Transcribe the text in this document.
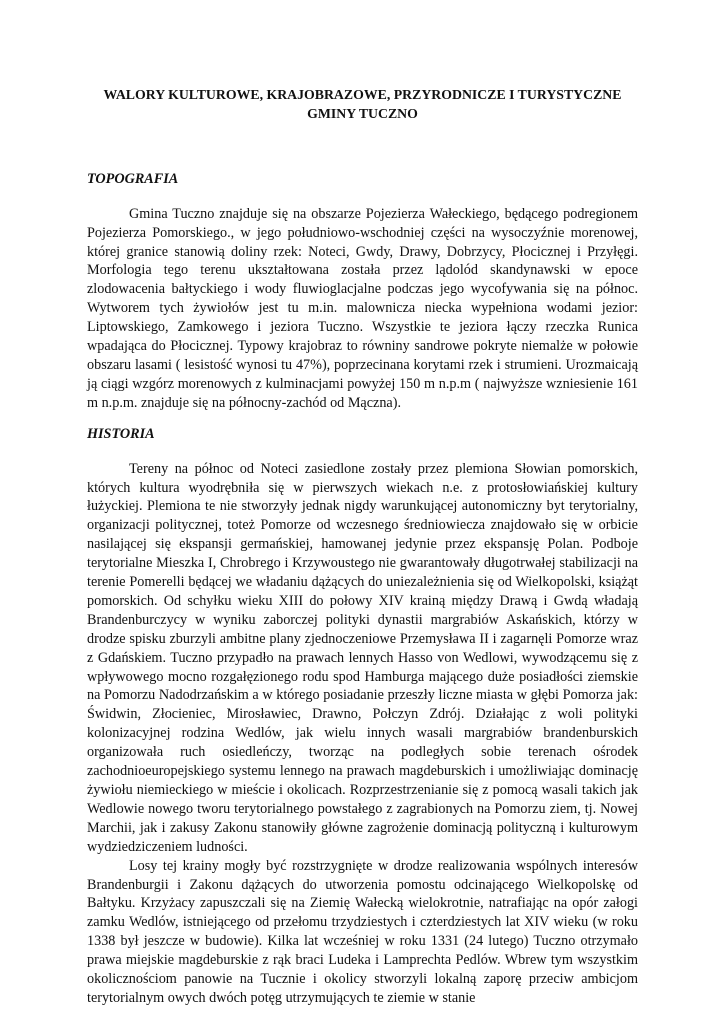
WALORY KULTUROWE, KRAJOBRAZOWE, PRZYRODNICZE I TURYSTYCZNE GMINY TUCZNO
TOPOGRAFIA

Gmina Tuczno znajduje się na obszarze Pojezierza Wałeckiego, będącego podregionem Pojezierza Pomorskiego., w jego południowo-wschodniej części na wysoczyźnie morenowej, której granice stanowią doliny rzek: Noteci, Gwdy, Drawy, Dobrzycy, Płocicznej i Przyłęgi. Morfologia tego terenu ukształtowana została przez lądolód skandynawski w epoce zlodowacenia bałtyckiego i wody fluwioglacjalne podczas jego wycofywania się na północ. Wytworem tych żywiołów jest tu m.in. malownicza niecka wypełniona wodami jezior: Liptowskiego, Zamkowego i jeziora Tuczno. Wszystkie te jeziora łączy rzeczka Runica wpadająca do Płocicznej. Typowy krajobraz to równiny sandrowe pokryte niemalże w połowie obszaru lasami ( lesistość wynosi tu 47%), poprzecinana korytami rzek i strumieni. Urozmaicają ją ciągi wzgórz morenowych z kulminacjami powyżej 150 m n.p.m ( najwyższe wzniesienie 161 m n.p.m. znajduje się na północny-zachód od Mączna).

HISTORIA

Tereny na północ od Noteci zasiedlone zostały przez plemiona Słowian pomorskich, których kultura wyodrębniła się w pierwszych wiekach n.e. z protosłowiańskiej kultury łużyckiej. Plemiona te nie stworzyły jednak nigdy warunkującej autonomiczny byt terytorialny, organizacji politycznej, toteż Pomorze od wczesnego średniowiecza znajdowało się w orbicie nasilającej się ekspansji germańskiej, hamowanej jedynie przez ekspansję Polan. Podboje terytorialne Mieszka I, Chrobrego i Krzywoustego nie gwarantowały długotrwałej stabilizacji na terenie Pomerelli będącej we władaniu dążących do uniezależnienia się od Wielkopolski, książąt pomorskich. Od schyłku wieku XIII do połowy XIV krainą między Drawą i Gwdą władają Brandenburczycy w wyniku zaborczej polityki dynastii margrabiów Askańskich, którzy w drodze spisku zburzyli ambitne plany zjednoczeniowe Przemysława II i zagarnęli Pomorze wraz z Gdańskiem. Tuczno przypadło na prawach lennych Hasso von Wedlowi, wywodzącemu się z wpływowego mocno rozgałęzionego rodu spod Hamburga mającego duże posiadłości ziemskie na Pomorzu Nadodrzańskim a w którego posiadanie przeszły liczne miasta w głębi Pomorza jak: Świdwin, Złocieniec, Mirosławiec, Drawno, Połczyn Zdrój. Działając z woli polityki kolonizacyjnej rodzina Wedlów, jak wielu innych wasali margrabiów brandenburskich organizowała ruch osiedleńczy, tworząc na podległych sobie terenach ośrodek zachodnioeuropejskiego systemu lennego na prawach magdeburskich i umożliwiając dominację żywiołu niemieckiego w mieście i okolicach. Rozprzestrzenianie się z pomocą wasali takich jak Wedlowie nowego tworu terytorialnego powstałego z zagrabionych na Pomorzu ziem, tj. Nowej Marchii, jak i zakusy Zakonu stanowiły główne zagrożenie dominacją polityczną i kulturowym wydziedziczeniem ludności.

Losy tej krainy mogły być rozstrzygnięte w drodze realizowania wspólnych interesów Brandenburgii i Zakonu dążących do utworzenia pomostu odcinającego Wielkopolskę od Bałtyku. Krzyżacy zapuszczali się na Ziemię Wałecką wielokrotnie, natrafiając na opór załogi zamku Wedlów, istniejącego od przełomu trzydziestych i czterdziestych lat XIV wieku (w roku 1338 był jeszcze w budowie). Kilka lat wcześniej w roku 1331 (24 lutego) Tuczno otrzymało prawa miejskie magdeburskie z rąk braci Ludeka i Lamprechta Pedlów. Wbrew tym wszystkim okolicznościom panowie na Tucznie i okolicy stworzyli lokalną zaporę przeciw ambicjom terytorialnym owych dwóch potęg utrzymujących te ziemie w stanie
